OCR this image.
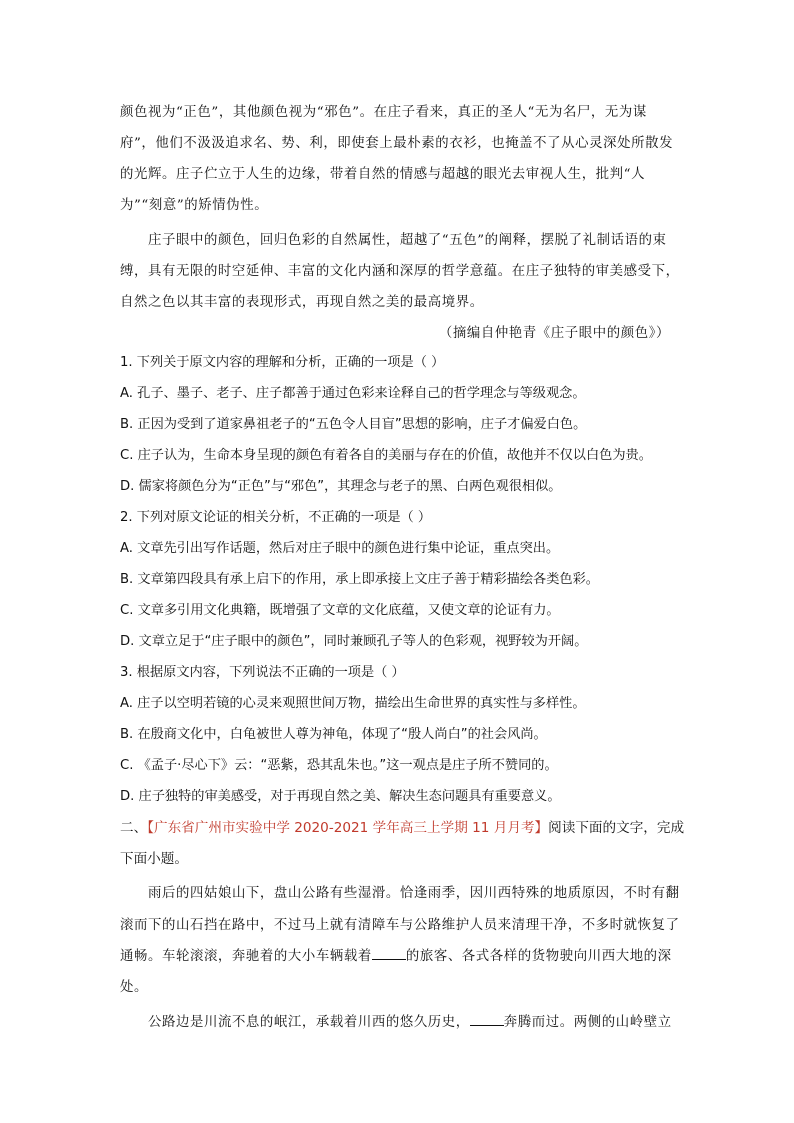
颜色视为“正色”，其他颜色视为“邪色”。在庄子看来，真正的圣人“无为名尸，无为谋
府”，他们不汲汲追求名、势、利，即使套上最朴素的衣衫，也掩盖不了从心灵深处所散发
的光辉。庄子伫立于人生的边缘，带着自然的情感与超越的眼光去审视人生，批判“人
为”“刻意”的矫情伪性。
庄子眼中的颜色，回归色彩的自然属性，超越了“五色”的阐释，摆脱了礼制话语的束
缚，具有无限的时空延伸、丰富的文化内涵和深厚的哲学意蕴。在庄子独特的审美感受下，
自然之色以其丰富的表现形式，再现自然之美的最高境界。
（摘编自仲艳青《庄子眼中的颜色》）
1. 下列关于原文内容的理解和分析，正确的一项是（ ）
A. 孔子、墨子、老子、庄子都善于通过色彩来诠释自己的哲学理念与等级观念。
B. 正因为受到了道家鼻祖老子的“五色令人目盲”思想的影响，庄子才偏爱白色。
C. 庄子认为，生命本身呈现的颜色有着各自的美丽与存在的价值，故他并不仅以白色为贵。
D. 儒家将颜色分为“正色”与“邪色”，其理念与老子的黑、白两色观很相似。
2. 下列对原文论证的相关分析，不正确的一项是（ ）
A. 文章先引出写作话题，然后对庄子眼中的颜色进行集中论证，重点突出。
B. 文章第四段具有承上启下的作用，承上即承接上文庄子善于精彩描绘各类色彩。
C. 文章多引用文化典籍，既增强了文章的文化底蕴，又使文章的论证有力。
D. 文章立足于“庄子眼中的颜色”，同时兼顾孔子等人的色彩观，视野较为开阔。
3. 根据原文内容，下列说法不正确的一项是（ ）
A. 庄子以空明若镜的心灵来观照世间万物，描绘出生命世界的真实性与多样性。
B. 在殷商文化中，白龟被世人尊为神龟，体现了“殷人尚白”的社会风尚。
C. 《孟子·尽心下》云：“恶紫，恐其乱朱也。”这一观点是庄子所不赞同的。
D. 庄子独特的审美感受，对于再现自然之美、解决生态问题具有重要意义。
二、【广东省广州市实验中学 2020-2021 学年高三上学期 11 月月考】阅读下面的文字，完成
下面小题。
雨后的四姑娘山下，盘山公路有些湿滑。恰逢雨季，因川西特殊的地质原因，不时有翻
滚而下的山石挡在路中，不过马上就有清障车与公路维护人员来清理干净，不多时就恢复了
通畅。车轮滚滚，奔驰着的大小车辆载着	的旅客、各式各样的货物驶向川西大地的深
处。
公路边是川流不息的岷江，承载着川西的悠久历史，	奔腾而过。两侧的山岭壁立
